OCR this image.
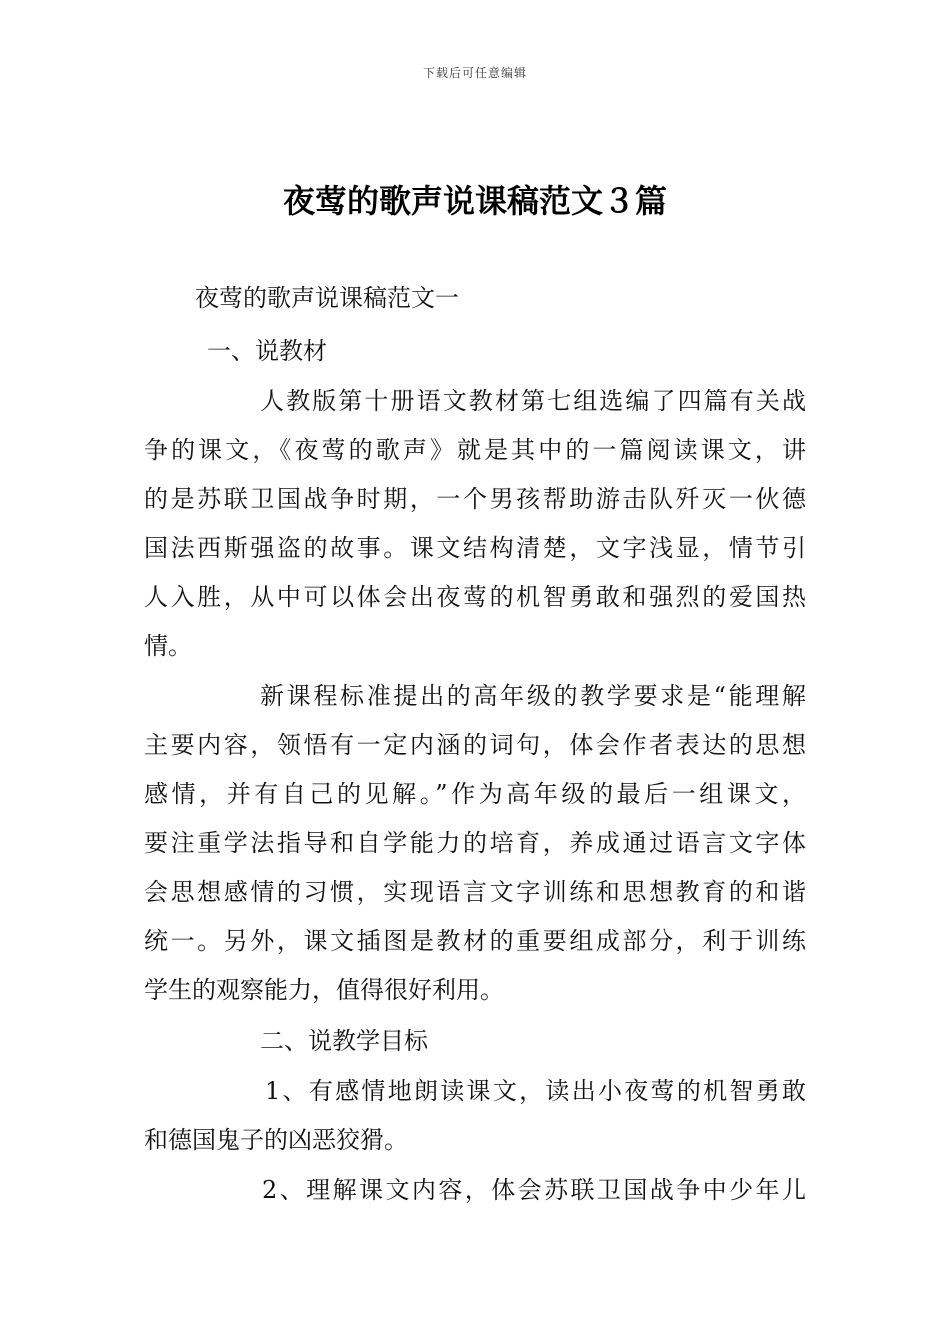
下载后可任意编辑
夜莺的歌声说课稿范文３篇

夜莺的歌声说课稿范文一

一、说教材

人教版第十册语文教材第七组选编了四篇有关战

争的课文，《夜莺的歌声》就是其中的一篇阅读课文，讲

的是苏联卫国战争时期，一个男孩帮助游击队歼灭一伙德

国法西斯强盗的故事。课文结构清楚，文字浅显，情节引

人入胜，从中可以体会出夜莺的机智勇敢和强烈的爱国热

情。

新课程标准提出的高年级的教学要求是“能理解

主要内容，领悟有一定内涵的词句，体会作者表达的思想

感情，并有自己的见解。”作为高年级的最后一组课文，

要注重学法指导和自学能力的培育，养成通过语言文字体

会思想感情的习惯，实现语言文字训练和思想教育的和谐

统一。另外，课文插图是教材的重要组成部分，利于训练

学生的观察能力，值得很好利用。

二、说教学目标

1、有感情地朗读课文，读出小夜莺的机智勇敢

和德国鬼子的凶恶狡猾。

2、理解课文内容，体会苏联卫国战争中少年儿
